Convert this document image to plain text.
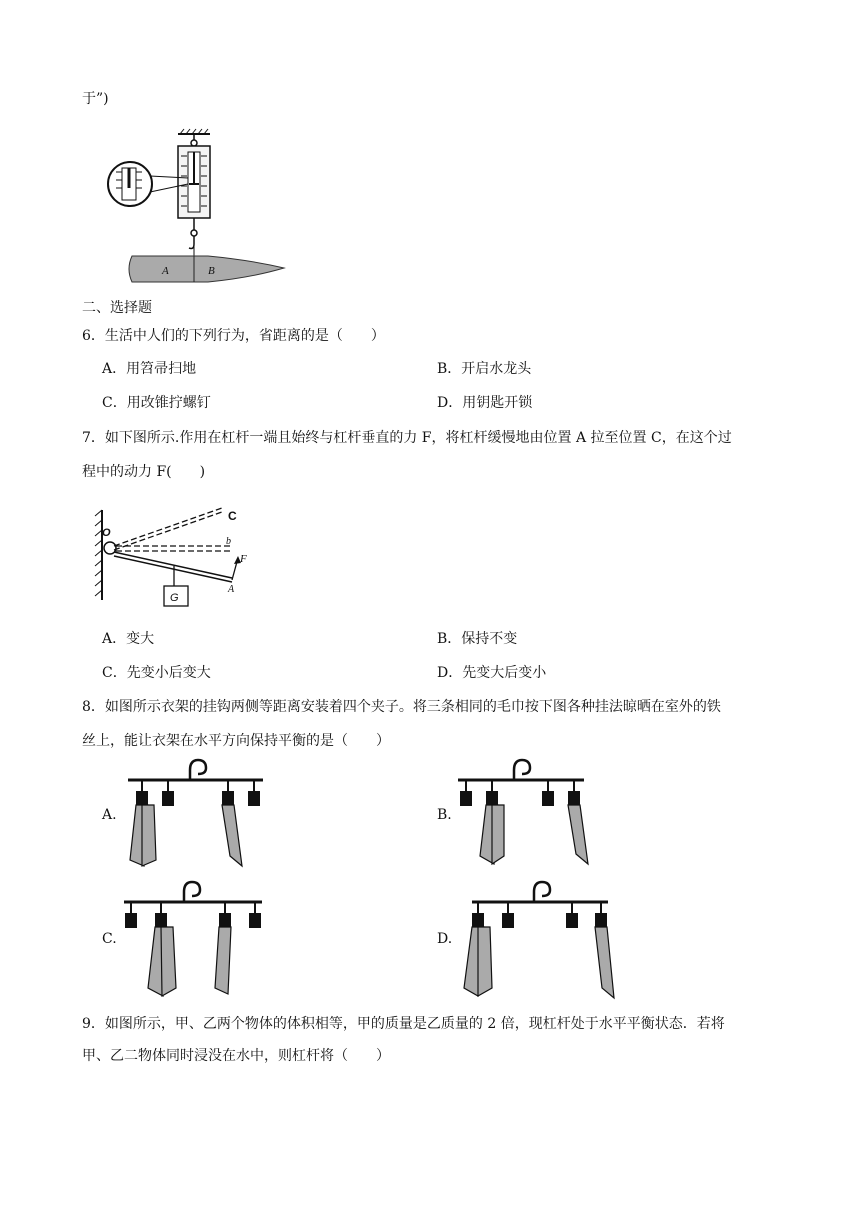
于”)
A	B
二、选择题
6．生活中人们的下列行为，省距离的是（　　）
A．用笤帚扫地	B．开启水龙头
C．用改锥拧螺钉	D．用钥匙开锁
7．如下图所示.作用在杠杆一端且始终与杠杆垂直的力 F，将杠杆缓慢地由位置 A 拉至位置 C，在这个过
程中的动力 F(　　)
O
C
b
A
F
G
A．变大	B．保持不变
C．先变小后变大	D．先变大后变小
8．如图所示衣架的挂钩两侧等距离安装着四个夹子。将三条相同的毛巾按下图各种挂法晾晒在室外的铁
丝上，能让衣架在水平方向保持平衡的是（　　）
A.	B.
C.	D.
9．如图所示，甲、乙两个物体的体积相等，甲的质量是乙质量的 2 倍，现杠杆处于水平平衡状态．若将
甲、乙二物体同时浸没在水中，则杠杆将（　　）
